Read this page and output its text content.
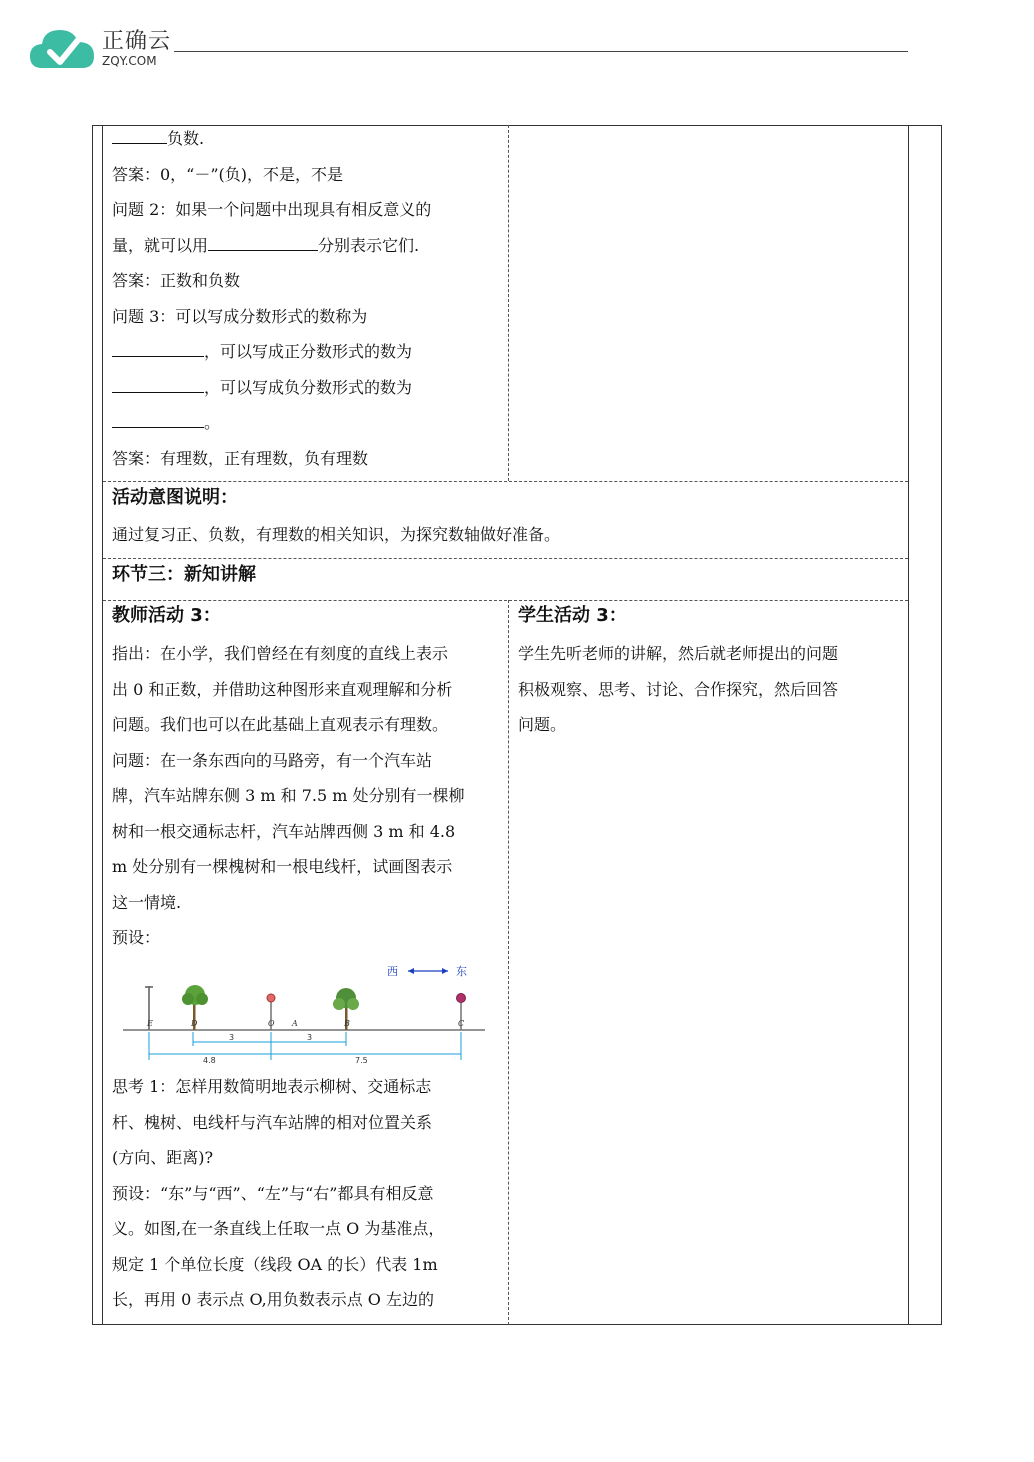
正确云
ZQY.COM
负数.
答案：0，“－”(负)，不是，不是
问题 2：如果一个问题中出现具有相反意义的
量，就可以用	分别表示它们.
答案：正数和负数
问题 3：可以写成分数形式的数称为
，可以写成正分数形式的数为
，可以写成负分数形式的数为
。
答案：有理数，正有理数，负有理数
活动意图说明：
通过复习正、负数，有理数的相关知识，为探究数轴做好准备。
环节三：新知讲解
教师活动 3：
指出：在小学，我们曾经在有刻度的直线上表示
出 0 和正数，并借助这种图形来直观理解和分析
问题。我们也可以在此基础上直观表示有理数。
问题：在一条东西向的马路旁，有一个汽车站
牌，汽车站牌东侧 3 m 和 7.5 m 处分别有一棵柳
树和一根交通标志杆，汽车站牌西侧 3 m 和 4.8
m 处分别有一棵槐树和一根电线杆，试画图表示
这一情境.
预设：
西	东
E	D	O A	B	C
3	3
4.8	7.5
思考 1：怎样用数简明地表示柳树、交通标志
杆、槐树、电线杆与汽车站牌的相对位置关系
(方向、距离)?
预设：“东”与“西”、“左”与“右”都具有相反意
义。如图,在一条直线上任取一点 O 为基准点，
规定 1 个单位长度（线段 OA 的长）代表 1m
长，再用 0 表示点 O,用负数表示点 O 左边的
学生活动 3：
学生先听老师的讲解，然后就老师提出的问题
积极观察、思考、讨论、合作探究，然后回答
问题。
